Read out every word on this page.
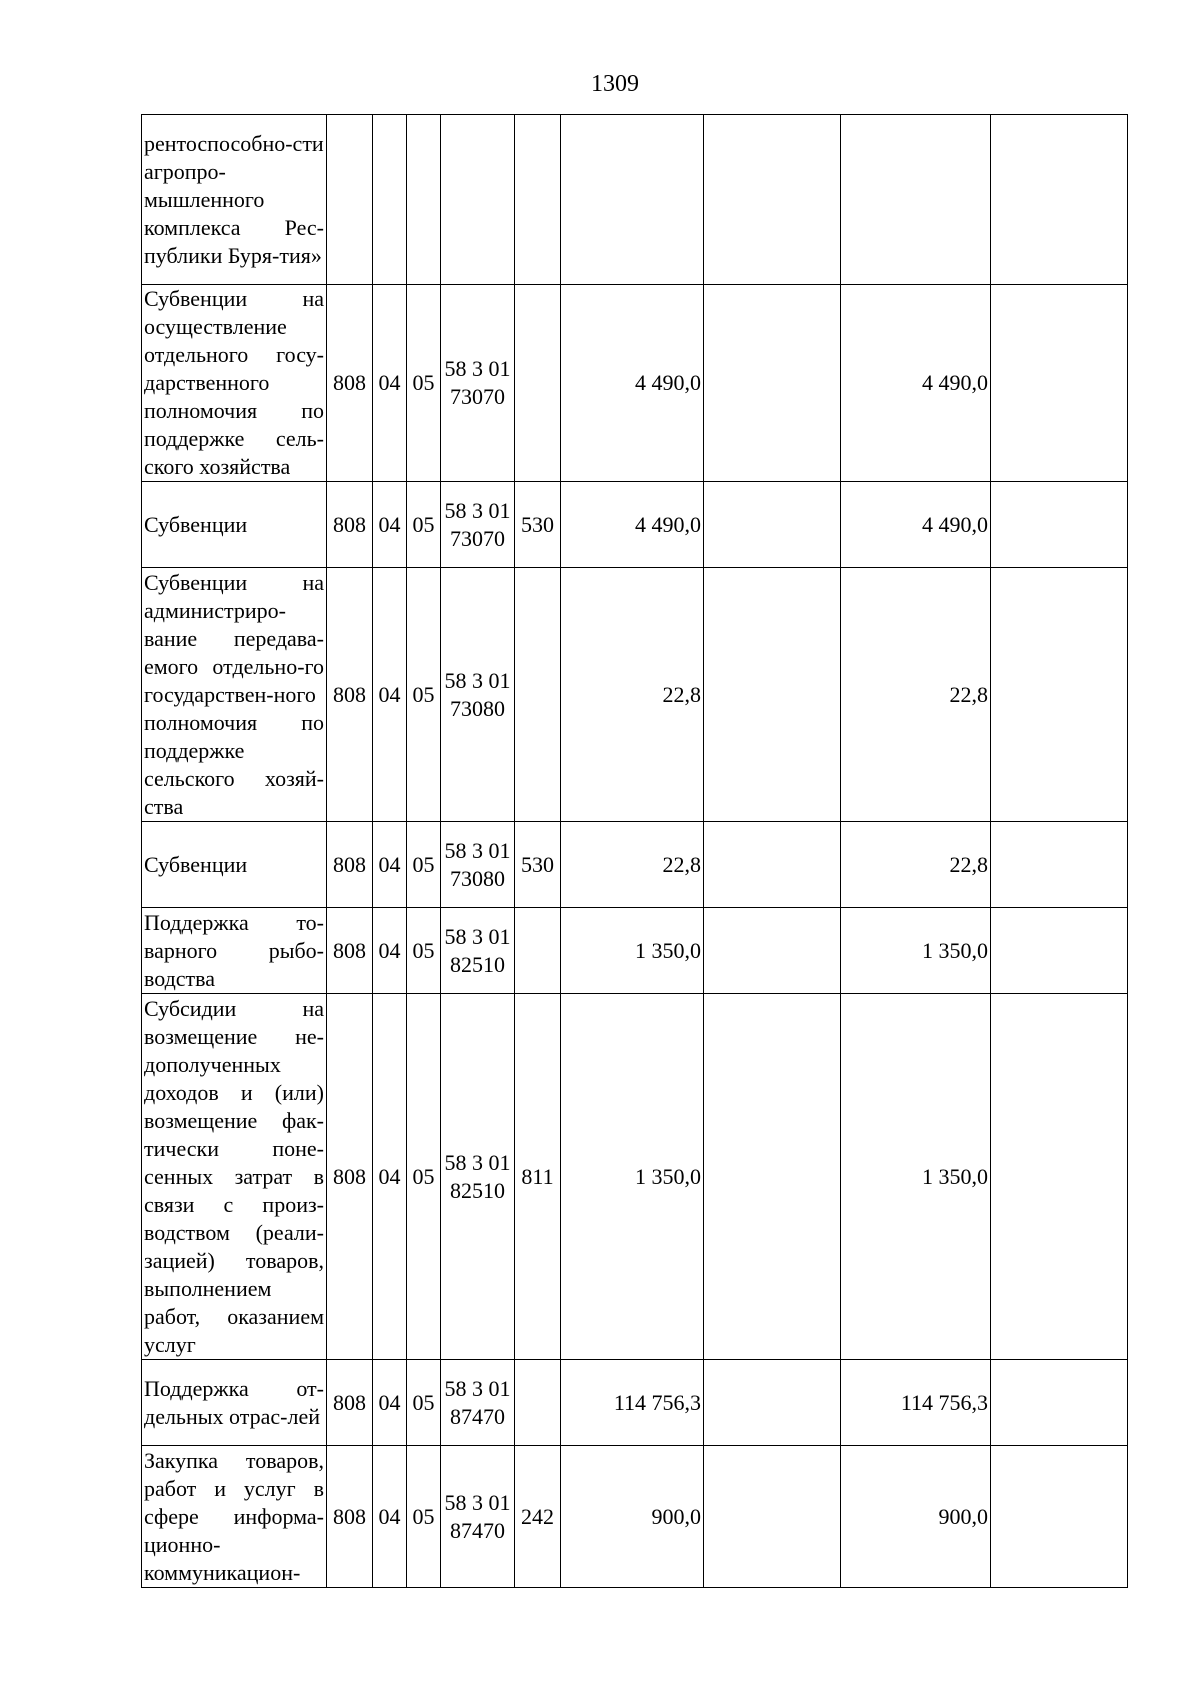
1309
рентоспособно-сти агропро-мышленного комплекса Рес-публики Буря-тия»									
Субвенции на осуществление отдельного госу-дарственного полномочия по поддержке сель-ского хозяйства	808	04	05	58 3 01 73070		4 490,0		4 490,0	
Субвенции	808	04	05	58 3 01 73070	530	4 490,0		4 490,0	
Субвенции на администриро-вание передава-емого отдельно-го государствен-ного полномочия по поддержке сельского хозяй-ства	808	04	05	58 3 01 73080		22,8		22,8	
Субвенции	808	04	05	58 3 01 73080	530	22,8		22,8	
Поддержка то-варного рыбо-водства	808	04	05	58 3 01 82510		1 350,0		1 350,0	
Субсидии на возмещение не-дополученных доходов и (или) возмещение фак-тически поне-сенных затрат в связи с произ-водством (реали-зацией) товаров, выполнением работ, оказанием услуг	808	04	05	58 3 01 82510	811	1 350,0		1 350,0	
Поддержка от-дельных отрас-лей	808	04	05	58 3 01 87470		114 756,3		114 756,3	
Закупка товаров, работ и услуг в сфере информа-ционно-коммуникацион-	808	04	05	58 3 01 87470	242	900,0		900,0	
